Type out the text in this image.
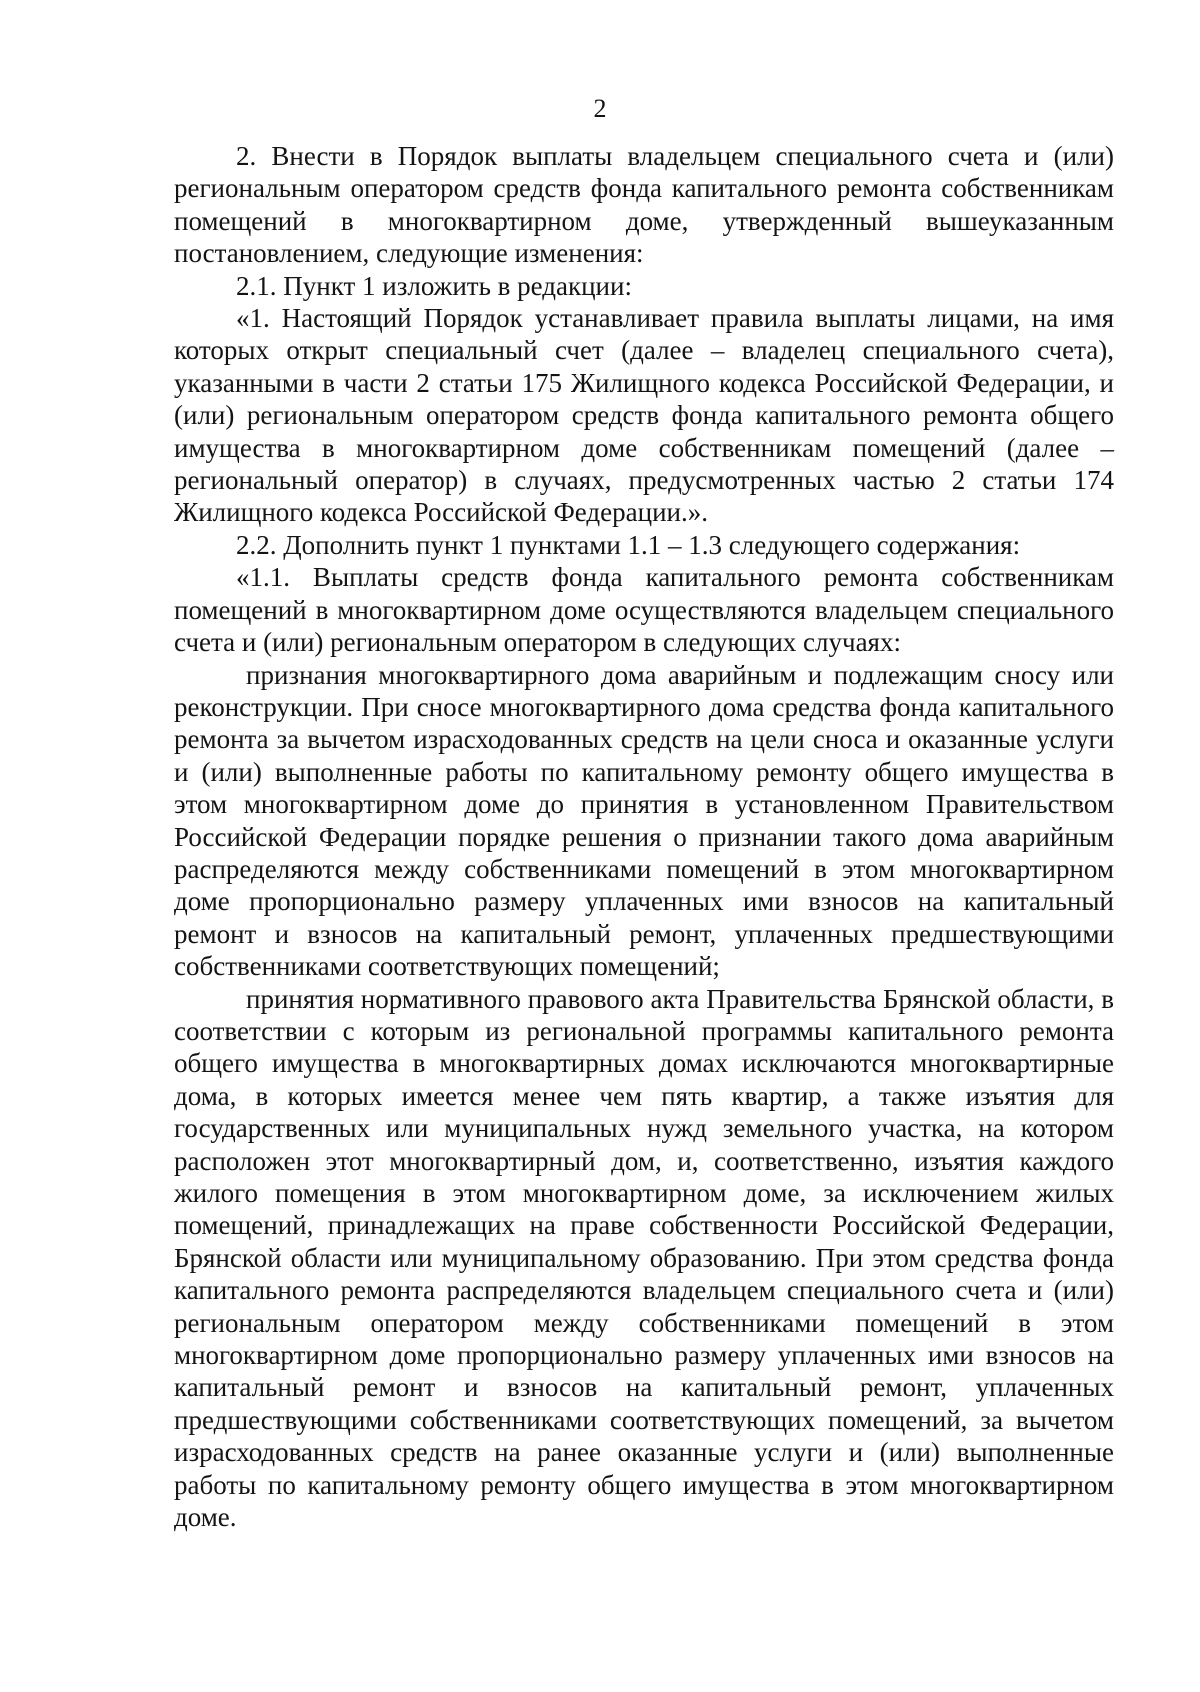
2

2. Внести в Порядок выплаты владельцем специального счета и (или) региональным оператором средств фонда капитального ремонта собственникам помещений в многоквартирном доме, утвержденный вышеуказанным постановлением, следующие изменения:

2.1. Пункт 1 изложить в редакции:

«1. Настоящий Порядок устанавливает правила выплаты лицами, на имя которых открыт специальный счет (далее – владелец специального счета), указанными в части 2 статьи 175 Жилищного кодекса Российской Федерации, и (или) региональным оператором средств фонда капитального ремонта общего имущества в многоквартирном доме собственникам помещений (далее – региональный оператор) в случаях, предусмотренных частью 2 статьи 174 Жилищного кодекса Российской Федерации.».

2.2. Дополнить пункт 1 пунктами 1.1 – 1.3 следующего содержания:

«1.1. Выплаты средств фонда капитального ремонта собственникам помещений в многоквартирном доме осуществляются владельцем специального счета и (или) региональным оператором в следующих случаях:

признания многоквартирного дома аварийным и подлежащим сносу или реконструкции. При сносе многоквартирного дома средства фонда капитального ремонта за вычетом израсходованных средств на цели сноса и оказанные услуги и (или) выполненные работы по капитальному ремонту общего имущества в этом многоквартирном доме до принятия в установленном Правительством Российской Федерации порядке решения о признании такого дома аварийным распределяются между собственниками помещений в этом многоквартирном доме пропорционально размеру уплаченных ими взносов на капитальный ремонт и взносов на капитальный ремонт, уплаченных предшествующими собственниками соответствующих помещений;

принятия нормативного правового акта Правительства Брянской области, в соответствии с которым из региональной программы капитального ремонта общего имущества в многоквартирных домах исключаются многоквартирные дома, в которых имеется менее чем пять квартир, а также изъятия для государственных или муниципальных нужд земельного участка, на котором расположен этот многоквартирный дом, и, соответственно, изъятия каждого жилого помещения в этом многоквартирном доме, за исключением жилых помещений, принадлежащих на праве собственности Российской Федерации, Брянской области или муниципальному образованию. При этом средства фонда капитального ремонта распределяются владельцем специального счета и (или) региональным оператором между собственниками помещений в этом многоквартирном доме пропорционально размеру уплаченных ими взносов на капитальный ремонт и взносов на капитальный ремонт, уплаченных предшествующими собственниками соответствующих помещений, за вычетом израсходованных средств на ранее оказанные услуги и (или) выполненные работы по капитальному ремонту общего имущества в этом многоквартирном доме.
